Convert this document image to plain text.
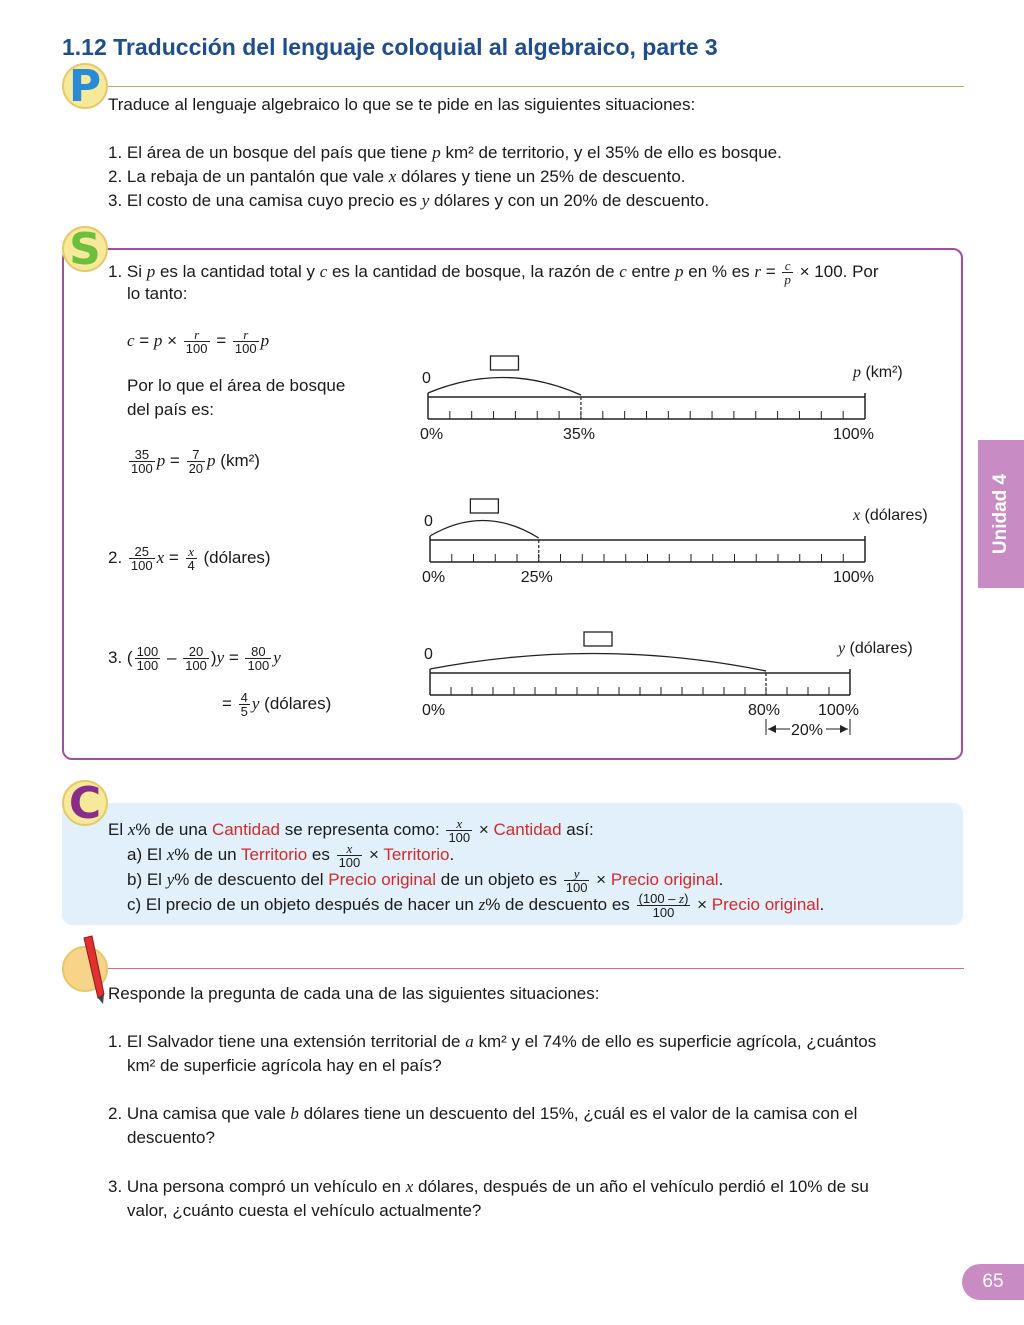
1.12 Traducción del lenguaje coloquial al algebraico, parte 3
P Traduce al lenguaje algebraico lo que se te pide en las siguientes situaciones:
1. El área de un bosque del país que tiene p km² de territorio, y el 35% de ello es bosque.
2. La rebaja de un pantalón que vale x dólares y tiene un 25% de descuento.
3. El costo de una camisa cuyo precio es y dólares y con un 20% de descuento.
S 1. Si p es la cantidad total y c es la cantidad de bosque, la razón de c entre p en % es $r = \frac{c}{p} \times 100$. Por
lo tanto:
$c = p \times \frac{r}{100} = \frac{r}{100}$ p
Por lo que el área de bosque
del país es:
$\frac{35}{100}$ $p = \frac{7}{20}$ p (km²)
2. $\frac{25}{100}$ $x = \frac{x}{4}$ (dólares)
3. ( $\frac{100}{100} - \frac{20}{100} )y = \frac{80}{100}$ y
= $\frac{4}{5}$ y (dólares)
0	p (km²)
0%	35%	100%
0	x (dólares)
0%	25%	100%
0	y (dólares)
0%	80% 100%
20%
C
El x% de una Cantidad se representa como: $\frac{x}{100}$ × Cantidad así:
a) El x% de un Territorio es $\frac{x}{100}$ × Territorio.
b) El y% de descuento del Precio original de un objeto es $\frac{y}{100}$ × Precio original.
c) El precio de un objeto después de hacer un z% de descuento es $\frac{(100 - z)}{100}$ × Precio original.
Responde la pregunta de cada una de las siguientes situaciones:
1. El Salvador tiene una extensión territorial de a km² y el 74% de ello es superficie agrícola, ¿cuántos
km² de superficie agrícola hay en el país?
2. Una camisa que vale b dólares tiene un descuento del 15%, ¿cuál es el valor de la camisa con el
descuento?
3. Una persona compró un vehículo en x dólares, después de un año el vehículo perdió el 10% de su
valor, ¿cuánto cuesta el vehículo actualmente?
Unidad 4
65
